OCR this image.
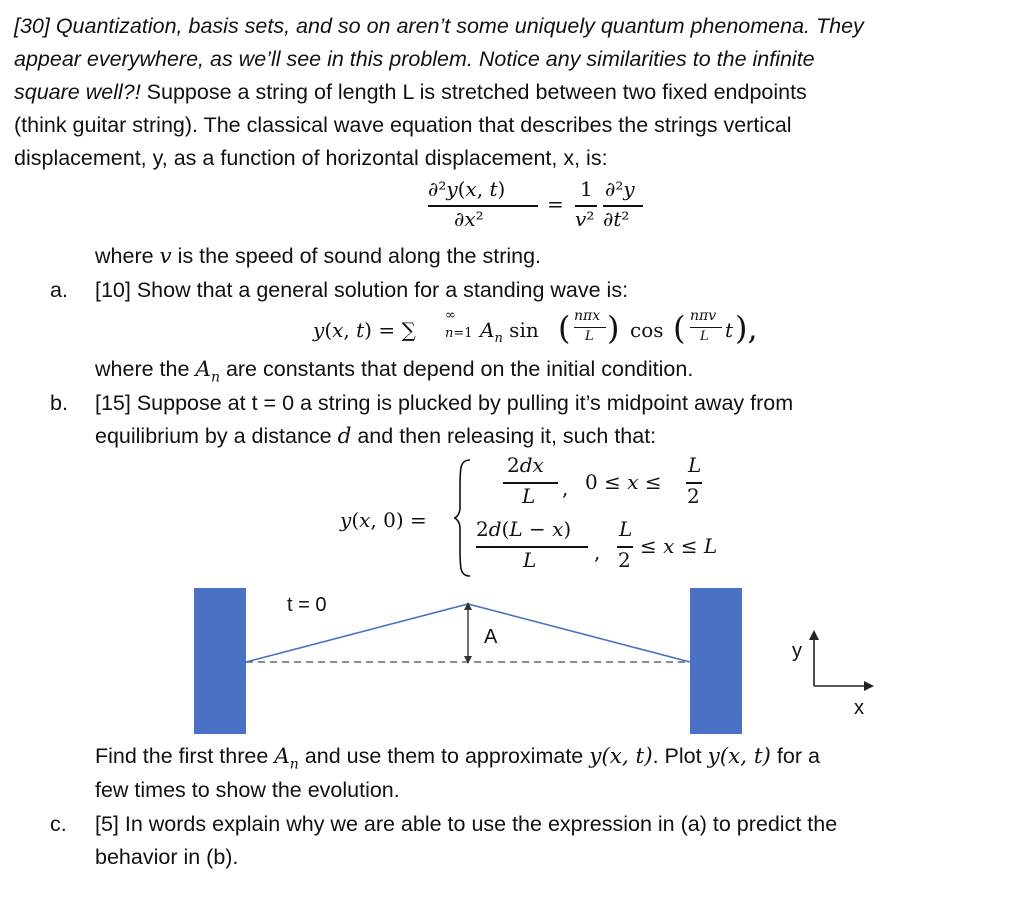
[30] Quantization, basis sets, and so on aren’t some uniquely quantum phenomena. They
appear everywhere, as we’ll see in this problem. Notice any similarities to the infinite
square well?! Suppose a string of length L is stretched between two fixed endpoints
(think guitar string). The classical wave equation that describes the strings vertical
displacement, y, as a function of horizontal displacement, x, is:
∂²y(x, t)
∂x²
=
1
v²
∂²y
∂t²
where v is the speed of sound along the string.
a. [10] Show that a general solution for a standing wave is:
y(x, t) = ∑
∞
n=1 $A_n$ sin ( nπx
L ) cos ( nπv
L t ),
where the $A_n$ are constants that depend on the initial condition.
b. [15] Suppose at t = 0 a string is plucked by pulling it’s midpoint away from
equilibrium by a distance d and then releasing it, such that:
y(x, 0) =
2dx
L , 0 ≤ x ≤
L
2
2d(L − x)
L	,
L
2
≤ x ≤ L
t = 0
A
y
x
Find the first three $A_n$ and use them to approximate y(x, t). Plot y(x, t) for a
few times to show the evolution.
c. [5] In words explain why we are able to use the expression in (a) to predict the
behavior in (b).
